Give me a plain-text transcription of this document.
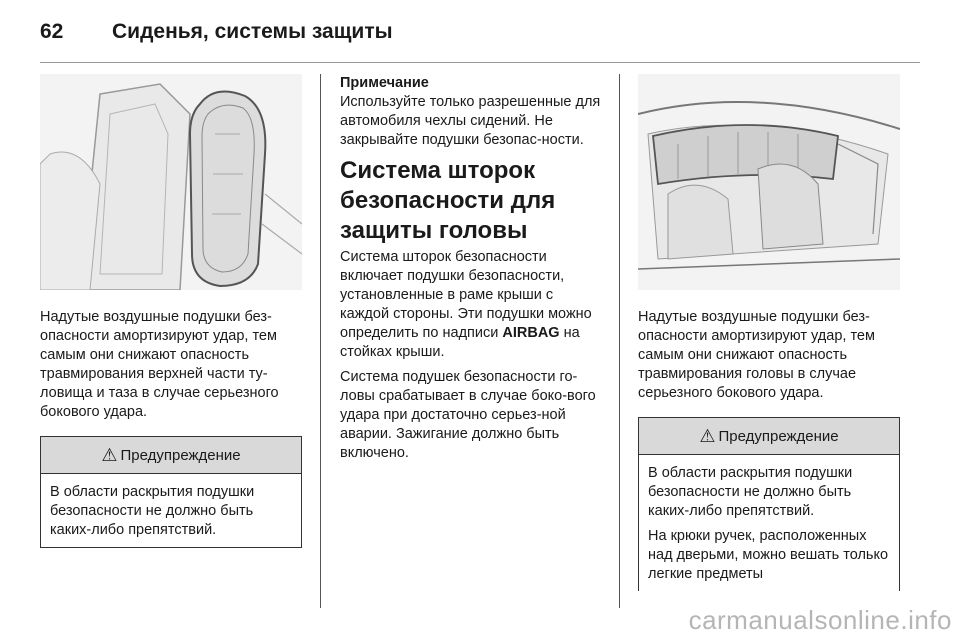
62	Сиденья, системы защиты

Надутые воздушные подушки без-опасности амортизируют удар, тем самым они снижают опасность травмирования верхней части ту-ловища и таза в случае серьезного бокового удара.

⚠ Предупреждение

В области раскрытия подушки безопасности не должно быть каких-либо препятствий.

Примечание

Используйте только разрешенные для автомобиля чехлы сидений. Не закрывайте подушки безопас-ности.

Система шторок безопасности для защиты головы

Система шторок безопасности включает подушки безопасности, установленные в раме крыши с каждой стороны. Эти подушки можно определить по надписи AIRBAG на стойках крыши.

Система подушек безопасности го-ловы срабатывает в случае боко-вого удара при достаточно серьез-ной аварии. Зажигание должно быть включено.

Надутые воздушные подушки без-опасности амортизируют удар, тем самым они снижают опасность травмирования головы в случае серьезного бокового удара.

⚠ Предупреждение

В области раскрытия подушки безопасности не должно быть каких-либо препятствий.

На крюки ручек, расположенных над дверьми, можно вешать только легкие предметы

carmanualsonline.info
